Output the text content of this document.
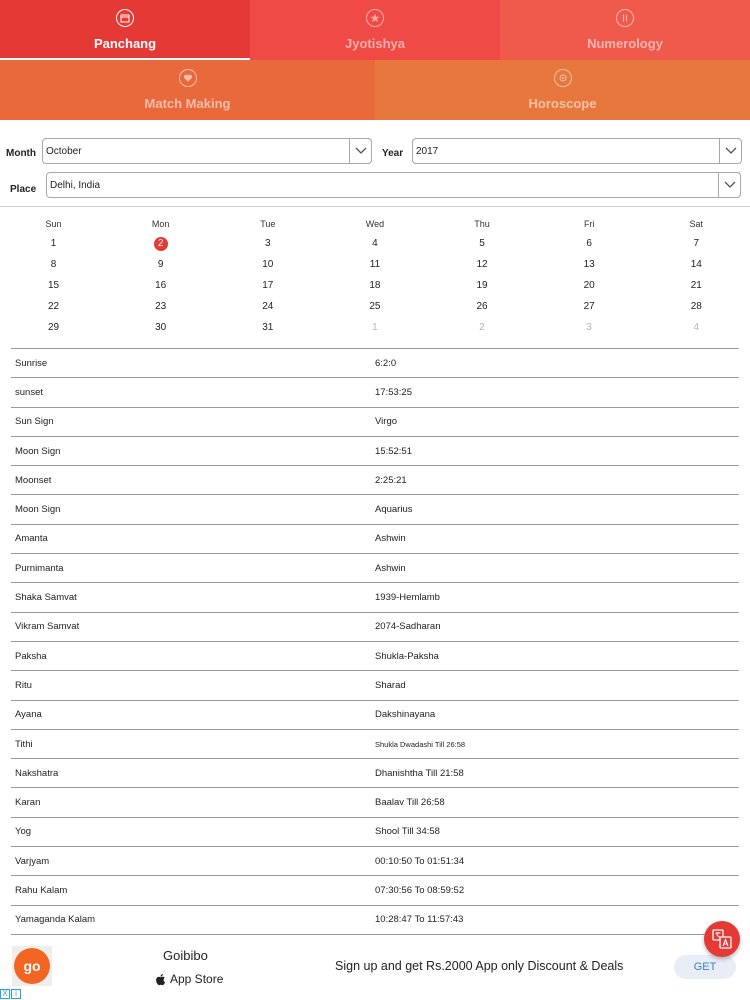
Panchang	Jyotishya	Numerology
Match Making	Horoscope
Month	October	Year	2017
Place	Delhi, India
Sun	Mon	Tue	Wed	Thu	Fri	Sat
1	2	3	4	5	6	7
8	9	10	11	12	13	14
15	16	17	18	19	20	21
22	23	24	25	26	27	28
29	30	31	1	2	3	4
Sunrise	6:2:0
sunset	17:53:25
Sun Sign	Virgo
Moon Sign	15:52:51
Moonset	2:25:21
Moon Sign	Aquarius
Amanta	Ashwin
Purnimanta	Ashwin
Shaka Samvat	1939-Hemlamb
Vikram Samvat	2074-Sadharan
Paksha	Shukla-Paksha
Ritu	Sharad
Ayana	Dakshinayana
Tithi	Shukla Dwadashi Till 26:58
Nakshatra	Dhanishtha Till 21:58
Karan	Baalav Till 26:58
Yog	Shool Till 34:58
Varjyam	00:10:50 To 01:51:34
Rahu Kalam	07:30:56 To 08:59:52
Yamaganda Kalam	10:28:47 To 11:57:43
go
Goibibo
App Store
Sign up and get Rs.2000 App only Discount & Deals	GET
X i
